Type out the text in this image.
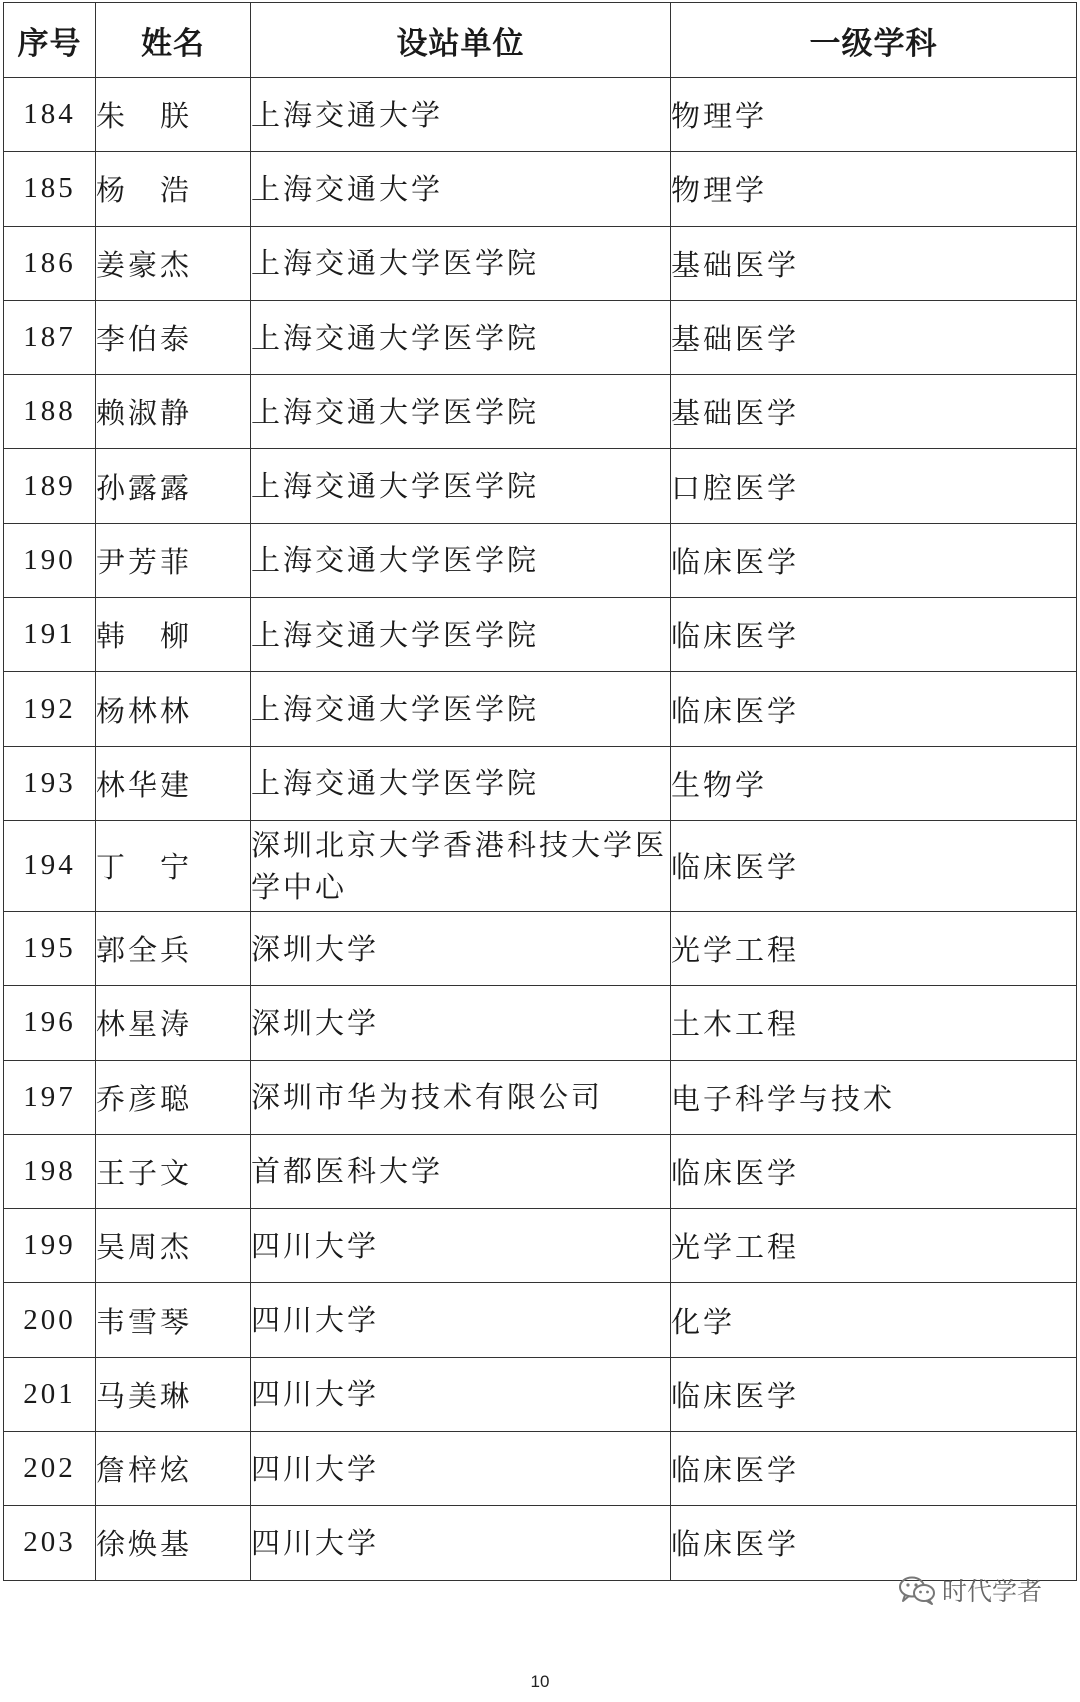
序号	姓名	设站单位	一级学科
184	朱　朕	上海交通大学	物理学
185	杨　浩	上海交通大学	物理学
186	姜豪杰	上海交通大学医学院	基础医学
187	李伯泰	上海交通大学医学院	基础医学
188	赖淑静	上海交通大学医学院	基础医学
189	孙露露	上海交通大学医学院	口腔医学
190	尹芳菲	上海交通大学医学院	临床医学
191	韩　柳	上海交通大学医学院	临床医学
192	杨林林	上海交通大学医学院	临床医学
193	林华建	上海交通大学医学院	生物学
194	丁　宁	深圳北京大学香港科技大学医学中心	临床医学
195	郭全兵	深圳大学	光学工程
196	林星涛	深圳大学	土木工程
197	乔彦聪	深圳市华为技术有限公司	电子科学与技术
198	王子文	首都医科大学	临床医学
199	吴周杰	四川大学	光学工程
200	韦雪琴	四川大学	化学
201	马美琳	四川大学	临床医学
202	詹梓炫	四川大学	临床医学
203	徐焕基	四川大学	临床医学
时代学者
10
